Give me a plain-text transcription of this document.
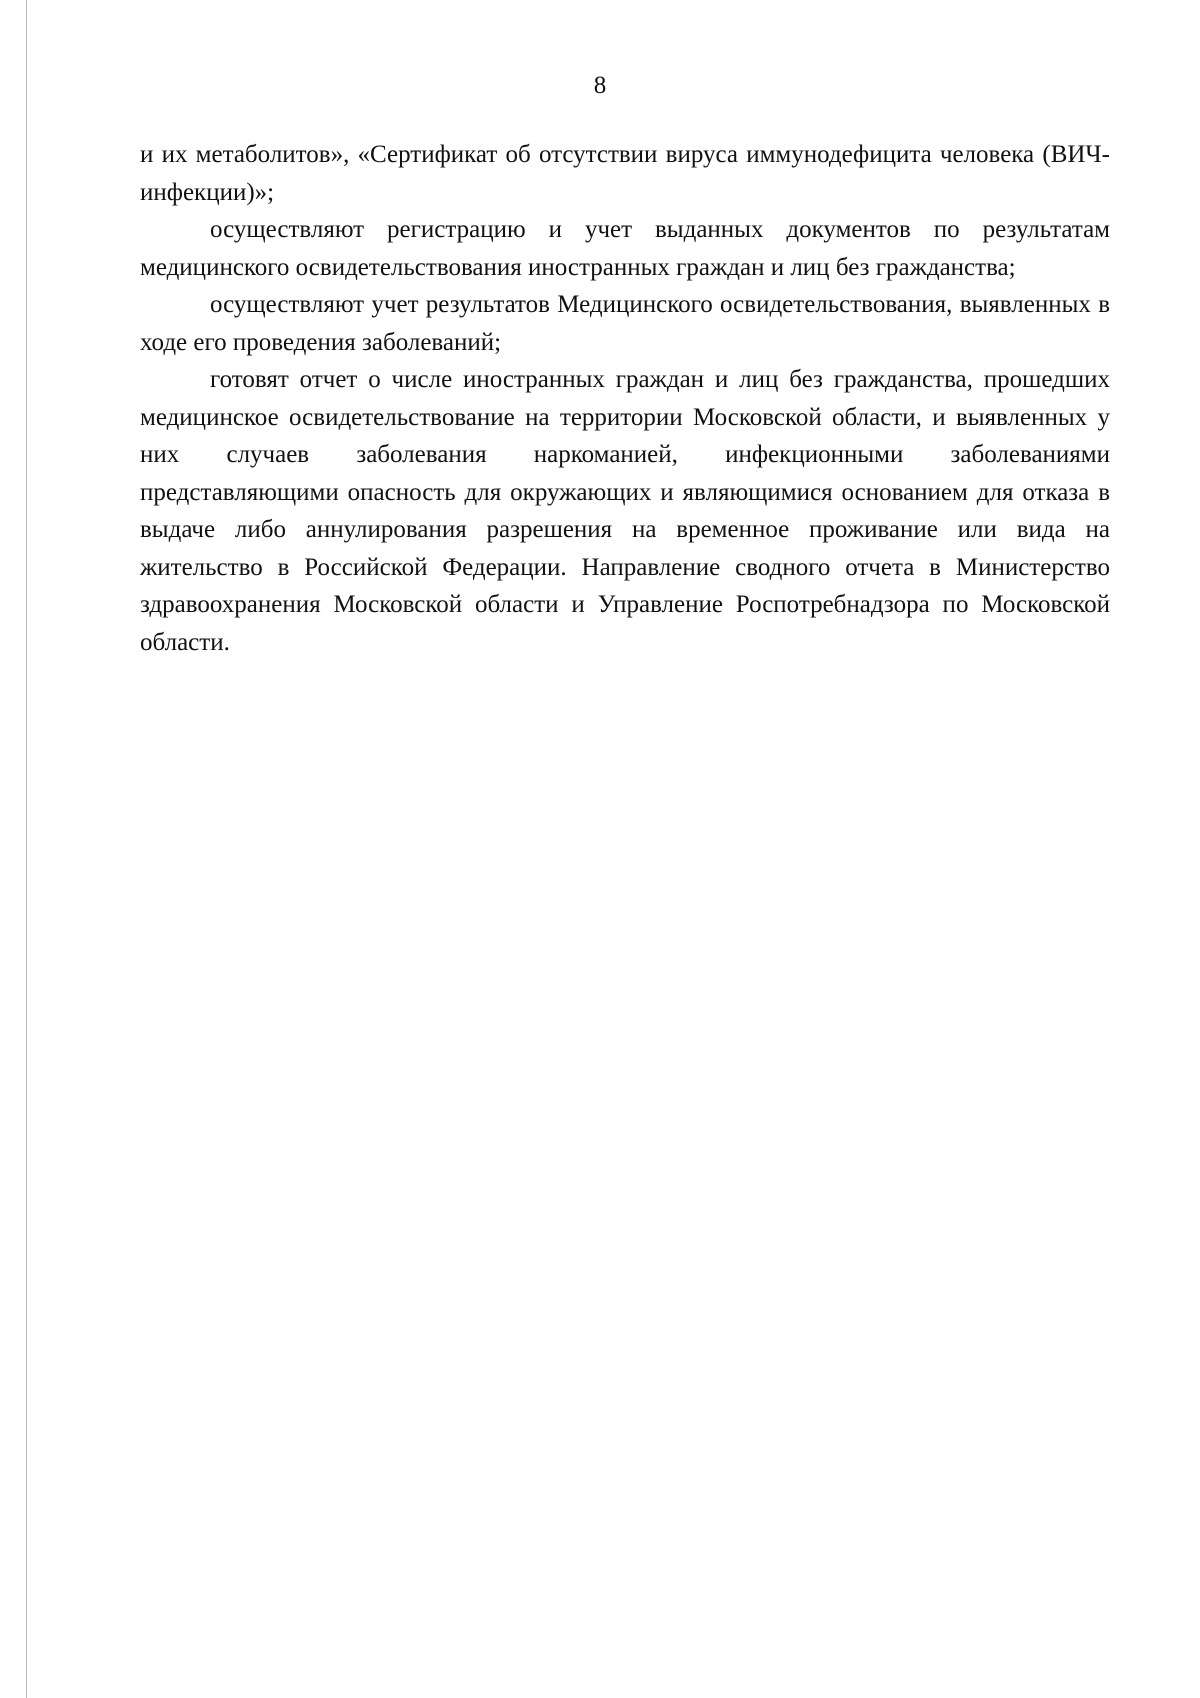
8

и их метаболитов», «Сертификат об отсутствии вируса иммунодефицита человека (ВИЧ-инфекции)»;

осуществляют регистрацию и учет выданных документов по результатам медицинского освидетельствования иностранных граждан и лиц без гражданства;

осуществляют учет результатов Медицинского освидетельствования, выявленных в ходе его проведения заболеваний;

готовят отчет о числе иностранных граждан и лиц без гражданства, прошедших медицинское освидетельствование на территории Московской области, и выявленных у них случаев заболевания наркоманией, инфекционными заболеваниями представляющими опасность для окружающих и являющимися основанием для отказа в выдаче либо аннулирования разрешения на временное проживание или вида на жительство в Российской Федерации. Направление сводного отчета в Министерство здравоохранения Московской области и Управление Роспотребнадзора по Московской области.
